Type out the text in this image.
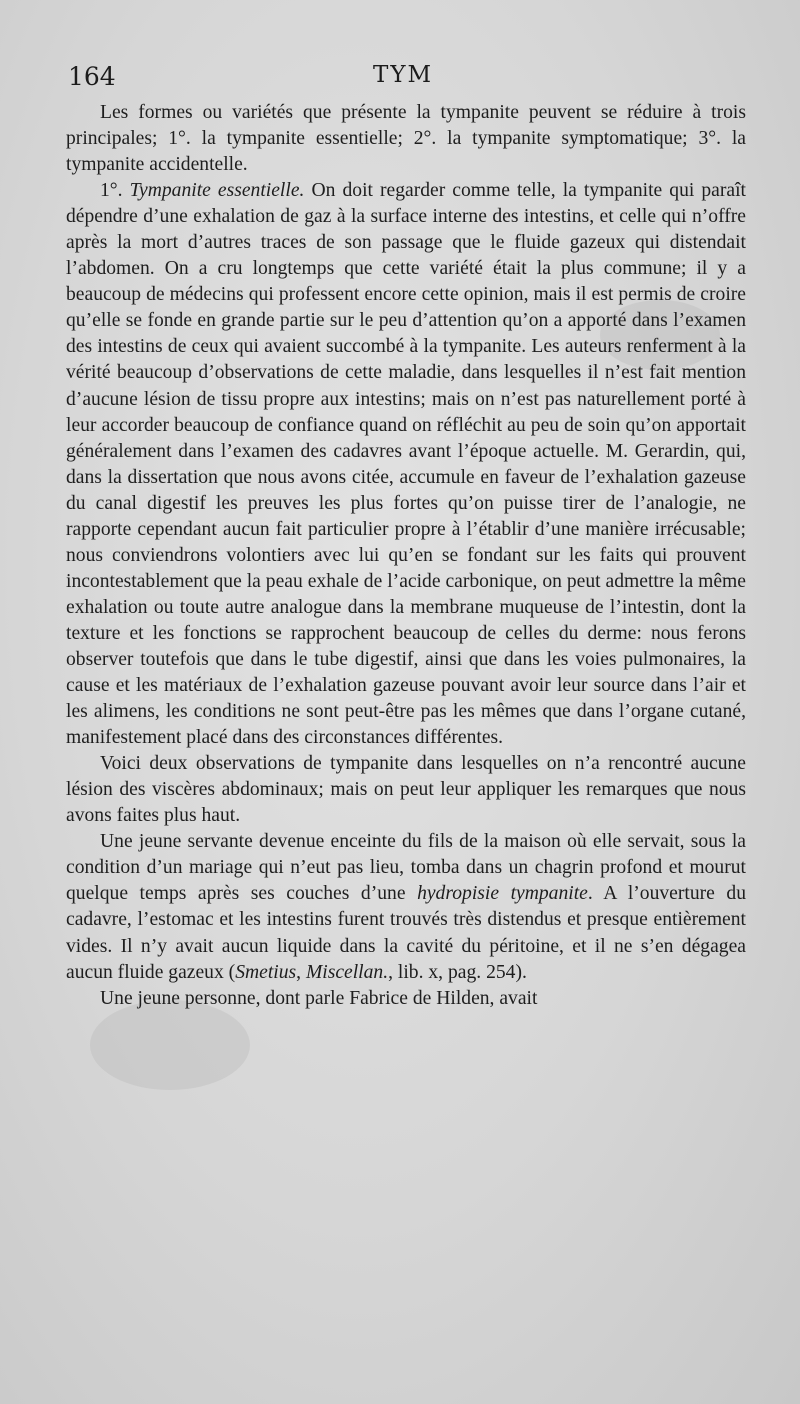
164	TYM

Les formes ou variétés que présente la tympanite peuvent se réduire à trois principales; 1°. la tympanite essentielle; 2°. la tympanite symptomatique; 3°. la tympanite accidentelle.

1°. Tympanite essentielle. On doit regarder comme telle, la tympanite qui paraît dépendre d’une exhalation de gaz à la surface interne des intestins, et celle qui n’offre après la mort d’autres traces de son passage que le fluide gazeux qui distendait l’abdomen. On a cru longtemps que cette variété était la plus commune; il y a beaucoup de médecins qui professent encore cette opinion, mais il est permis de croire qu’elle se fonde en grande partie sur le peu d’attention qu’on a apporté dans l’examen des intestins de ceux qui avaient succombé à la tympanite. Les auteurs renferment à la vérité beaucoup d’observations de cette maladie, dans lesquelles il n’est fait mention d’aucune lésion de tissu propre aux intestins; mais on n’est pas naturellement porté à leur accorder beaucoup de confiance quand on réfléchit au peu de soin qu’on apportait généralement dans l’examen des cadavres avant l’époque actuelle. M. Gerardin, qui, dans la dissertation que nous avons citée, accumule en faveur de l’exhalation gazeuse du canal digestif les preuves les plus fortes qu’on puisse tirer de l’analogie, ne rapporte cependant aucun fait particulier propre à l’établir d’une manière irrécusable; nous conviendrons volontiers avec lui qu’en se fondant sur les faits qui prouvent incontestablement que la peau exhale de l’acide carbonique, on peut admettre la même exhalation ou toute autre analogue dans la membrane muqueuse de l’intestin, dont la texture et les fonctions se rapprochent beaucoup de celles du derme: nous ferons observer toutefois que dans le tube digestif, ainsi que dans les voies pulmonaires, la cause et les matériaux de l’exhalation gazeuse pouvant avoir leur source dans l’air et les alimens, les conditions ne sont peut-être pas les mêmes que dans l’organe cutané, manifestement placé dans des circonstances différentes.

Voici deux observations de tympanite dans lesquelles on n’a rencontré aucune lésion des viscères abdominaux; mais on peut leur appliquer les remarques que nous avons faites plus haut.

Une jeune servante devenue enceinte du fils de la maison où elle servait, sous la condition d’un mariage qui n’eut pas lieu, tomba dans un chagrin profond et mourut quelque temps après ses couches d’une hydropisie tympanite. A l’ouverture du cadavre, l’estomac et les intestins furent trouvés très distendus et presque entièrement vides. Il n’y avait aucun liquide dans la cavité du péritoine, et il ne s’en dégagea aucun fluide gazeux (Smetius, Miscellan., lib. x, pag. 254).

Une jeune personne, dont parle Fabrice de Hilden, avait
